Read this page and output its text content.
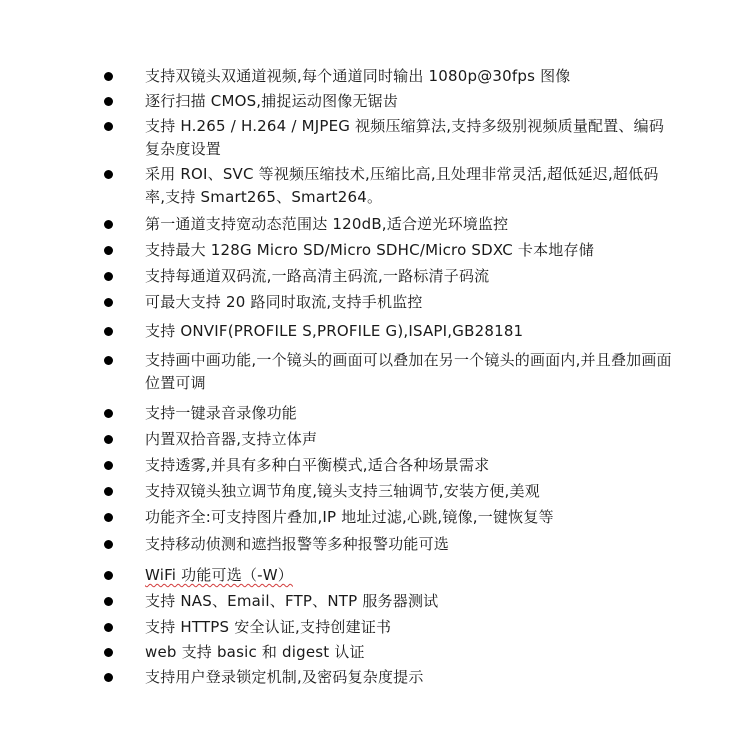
支持双镜头双通道视频,每个通道同时输出 1080p@30fps 图像
逐行扫描 CMOS,捕捉运动图像无锯齿
支持 H.265 / H.264 / MJPEG 视频压缩算法,支持多级别视频质量配置、编码复杂度设置
采用 ROI、SVC 等视频压缩技术,压缩比高,且处理非常灵活,超低延迟,超低码率,支持 Smart265、Smart264。
第一通道支持宽动态范围达 120dB,适合逆光环境监控
支持最大 128G Micro SD/Micro SDHC/Micro SDXC 卡本地存储
支持每通道双码流,一路高清主码流,一路标清子码流
可最大支持 20 路同时取流,支持手机监控
支持 ONVIF(PROFILE S,PROFILE G),ISAPI,GB28181
支持画中画功能,一个镜头的画面可以叠加在另一个镜头的画面内,并且叠加画面位置可调
支持一键录音录像功能
内置双拾音器,支持立体声
支持透雾,并具有多种白平衡模式,适合各种场景需求
支持双镜头独立调节角度,镜头支持三轴调节,安装方便,美观
功能齐全:可支持图片叠加,IP 地址过滤,心跳,镜像,一键恢复等
支持移动侦测和遮挡报警等多种报警功能可选
WiFi 功能可选（-W）
支持 NAS、Email、FTP、NTP 服务器测试
支持 HTTPS 安全认证,支持创建证书
web 支持 basic 和 digest 认证
支持用户登录锁定机制,及密码复杂度提示
